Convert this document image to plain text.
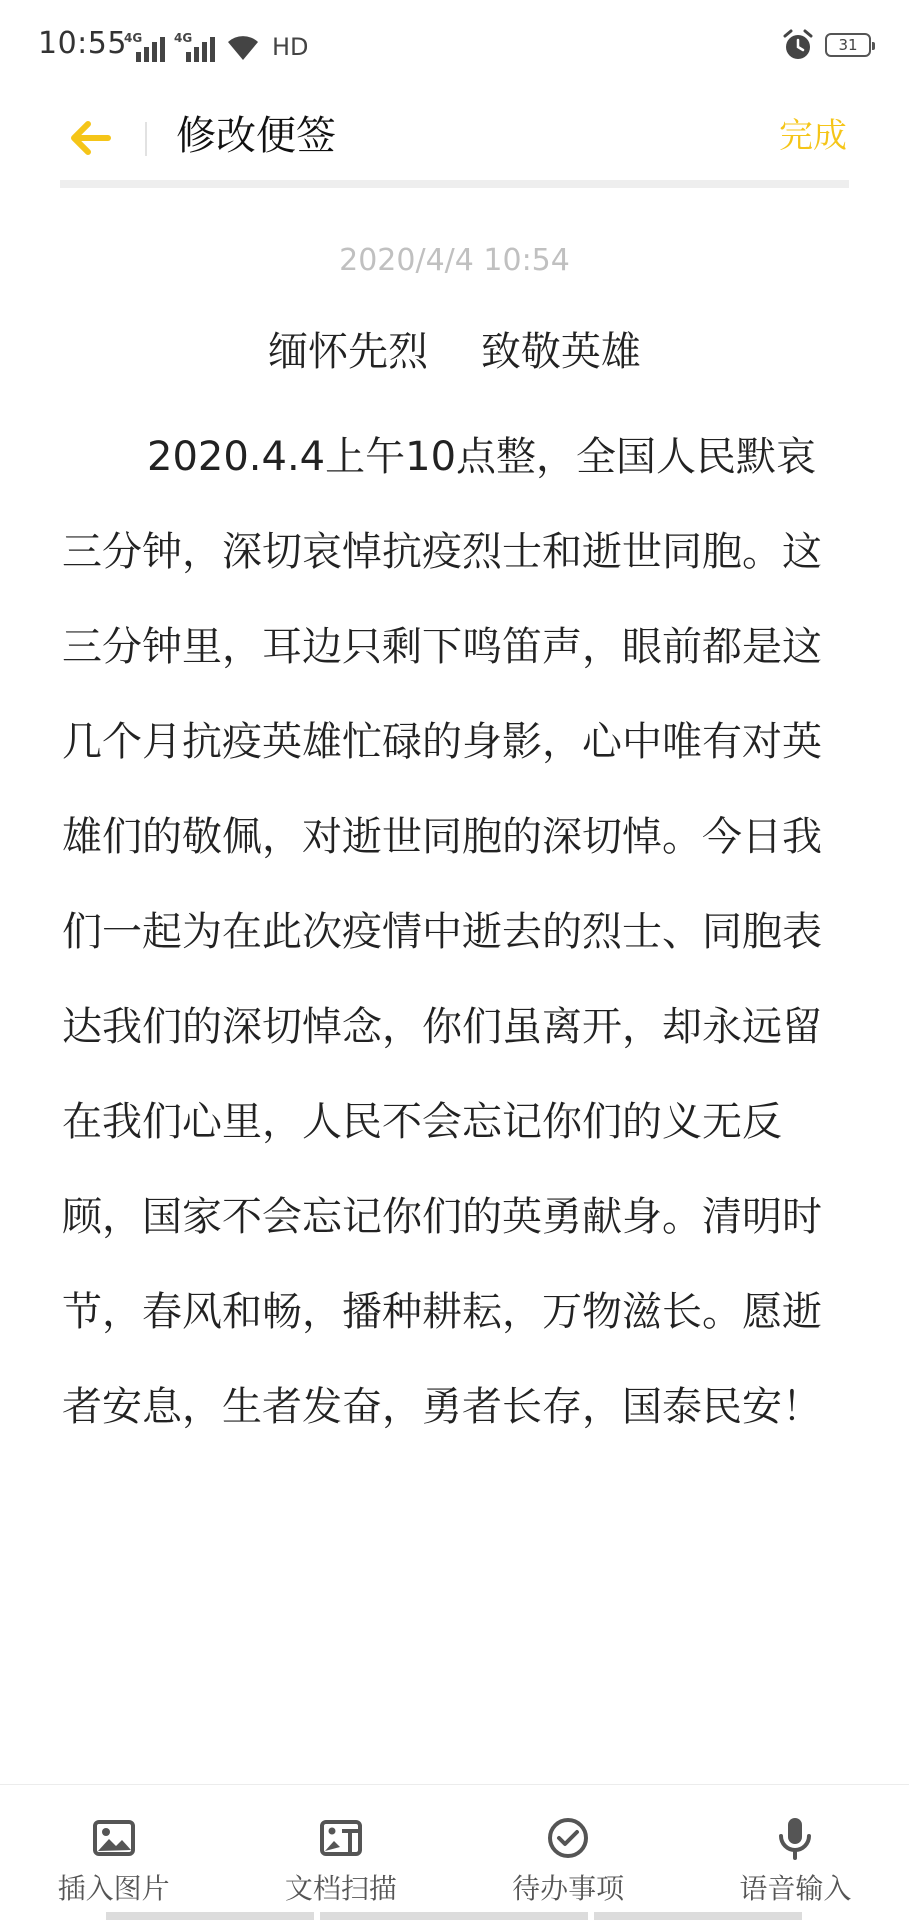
10:55
4G	4G	HD	31
修改便签	完成
2020/4/4 10:54
缅怀先烈　 致敬英雄
2020.4.4上午10点整，全国人民默哀三分钟，深切哀悼抗疫烈士和逝世同胞。这三分钟里，耳边只剩下鸣笛声，眼前都是这几个月抗疫英雄忙碌的身影，心中唯有对英雄们的敬佩，对逝世同胞的深切悼。今日我们一起为在此次疫情中逝去的烈士、同胞表达我们的深切悼念，你们虽离开，却永远留在我们心里，人民不会忘记你们的义无反顾，国家不会忘记你们的英勇献身。清明时节，春风和畅，播种耕耘，万物滋长。愿逝者安息，生者发奋，勇者长存，国泰民安！
插入图片	文档扫描	待办事项	语音输入
